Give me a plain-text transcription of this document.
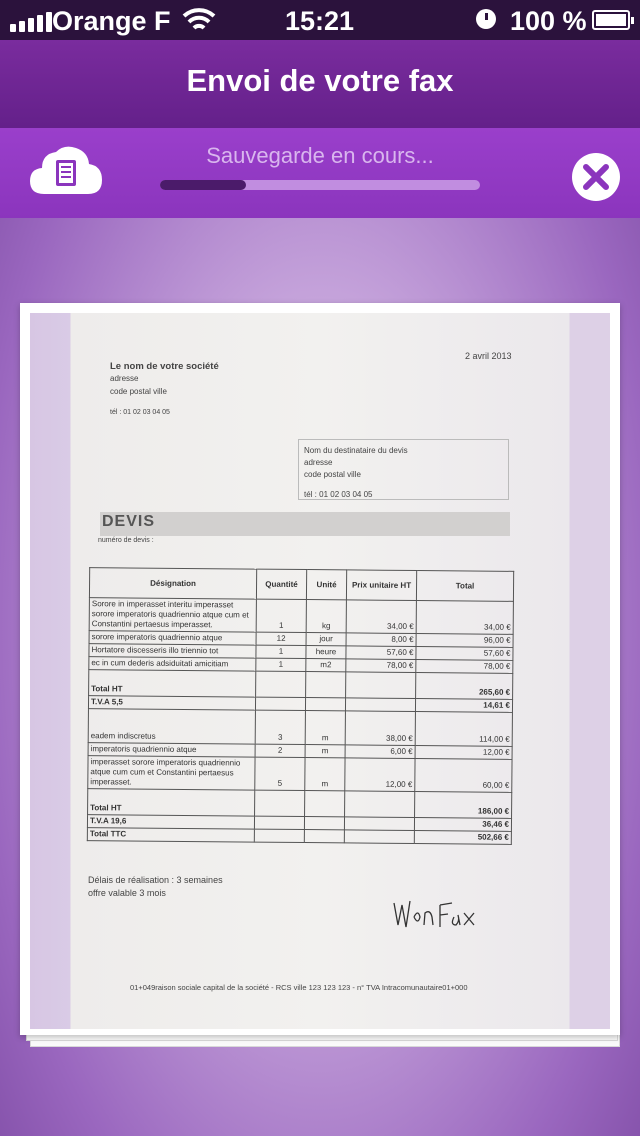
Orange F	15:21	100 %
Envoi de votre fax
Sauvegarde en cours...
2 avril 2013
Le nom de votre société
adresse
code postal ville
tél : 01 02 03 04 05
Nom du destinataire du devis
adresse
code postal ville
tél : 01 02 03 04 05
DEVIS
numéro de devis :
Désignation	Quantité	Unité	Prix unitaire HT	Total
Sorore in imperasset interitu imperasset sorore imperatoris quadriennio atque cum et Constantini pertaesus imperasset.	1	kg	34,00 €	34,00 €
sorore imperatoris quadriennio atque	12	jour	8,00 €	96,00 €
Hortatore discesseris illo triennio tot	1	heure	57,60 €	57,60 €
ec in cum dederis adsiduitati amicitiam	1	m2	78,00 €	78,00 €
Total HT				265,60 €
T.V.A 5,5				14,61 €
eadem indiscretus	3	m	38,00 €	114,00 €
imperatoris quadriennio atque	2	m	6,00 €	12,00 €
imperasset sorore imperatoris quadriennio atque cum cum et Constantini pertaesus imperasset.	5	m	12,00 €	60,00 €
Total HT				186,00 €
T.V.A 19,6				36,46 €
Total TTC				502,66 €
Délais de réalisation : 3 semaines
offre valable 3 mois
01+049raison sociale capital de la société - RCS ville 123 123 123 - n° TVA Intracomunautaire01+000
